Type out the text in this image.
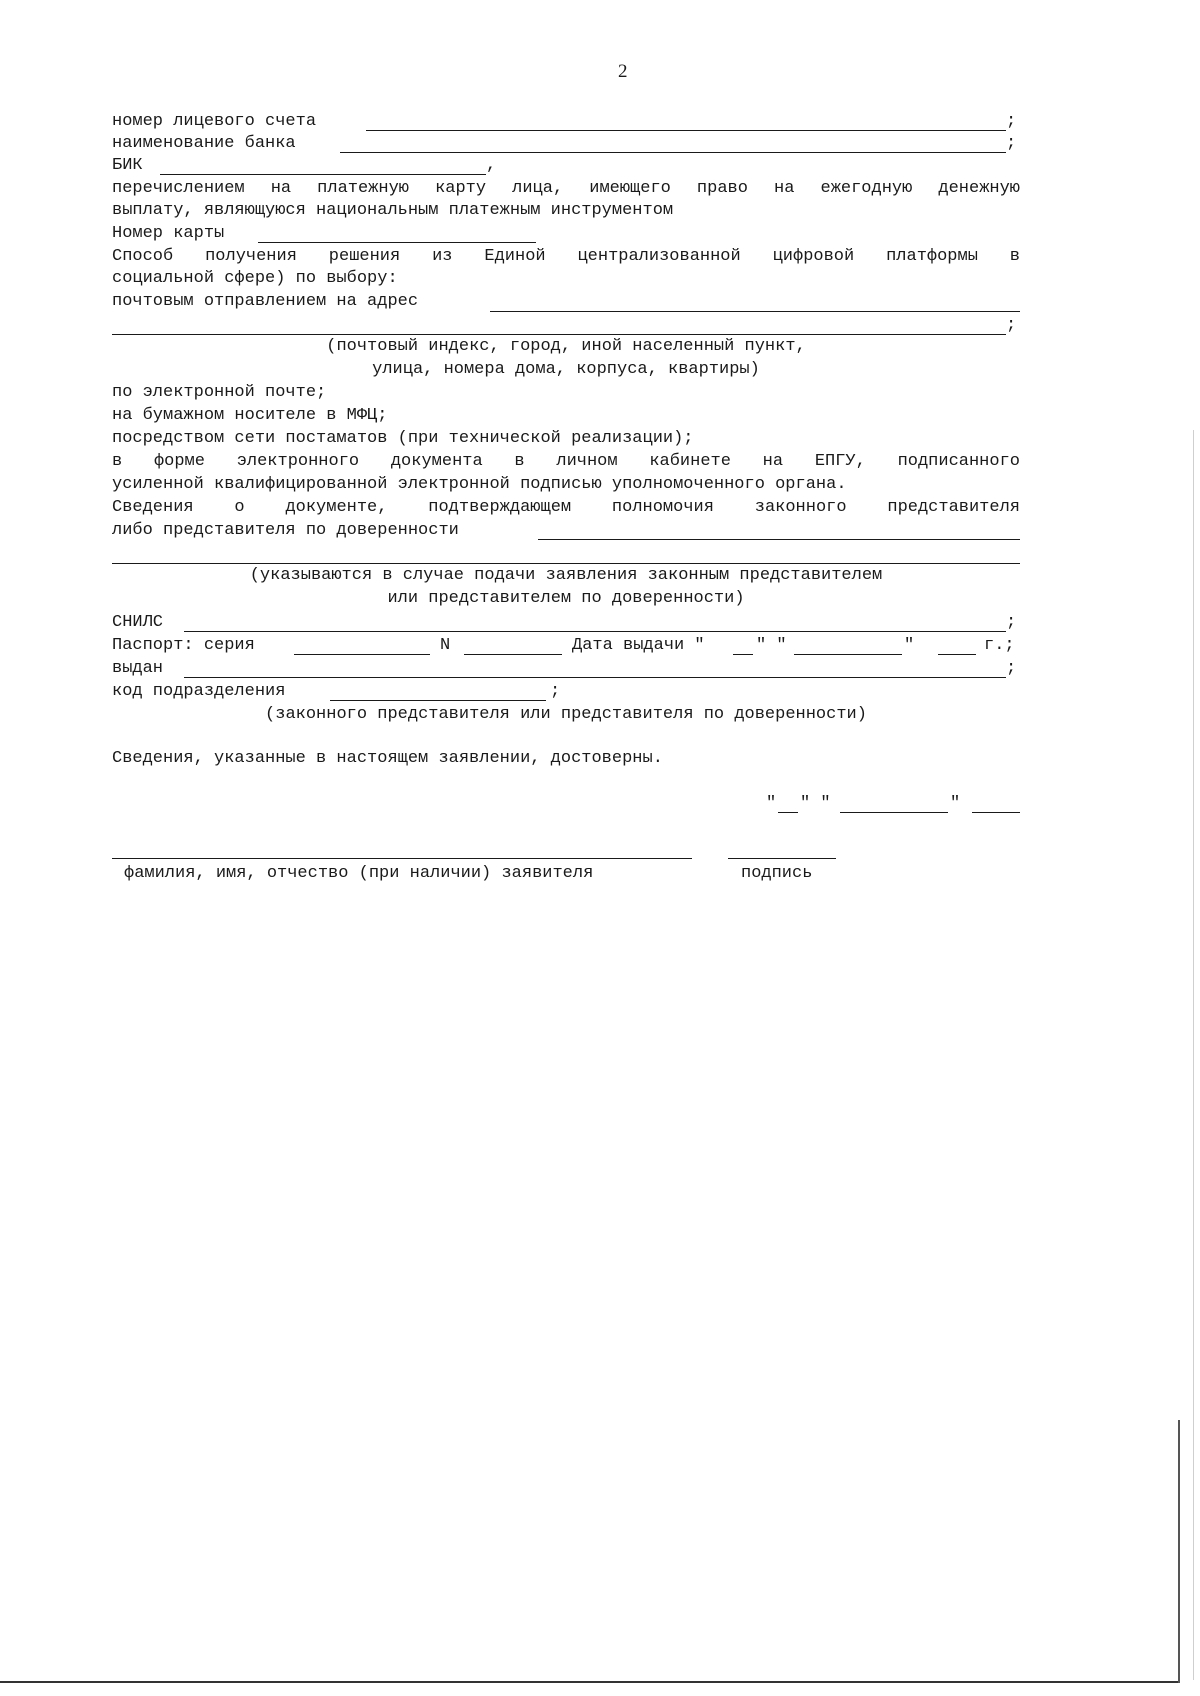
2
номер лицевого счета	;
наименование банка	;
БИК	,
перечислением на платежную карту лица, имеющего право на ежегодную денежную
выплату, являющуюся национальным платежным инструментом
Номер карты
Способ получения решения из Единой централизованной цифровой платформы в
социальной сфере) по выбору:
почтовым отправлением на адрес
;
(почтовый индекс, город, иной населенный пункт,
улица, номера дома, корпуса, квартиры)
по электронной почте;
на бумажном носителе в МФЦ;
посредством сети постаматов (при технической реализации);
в форме электронного документа в личном кабинете на ЕПГУ, подписанного
усиленной квалифицированной электронной подписью уполномоченного органа.
Сведения о документе, подтверждающем полномочия законного представителя
либо представителя по доверенности
(указываются в случае подачи заявления законным представителем
или представителем по доверенности)
СНИЛС	;
Паспорт: серия	N	Дата выдачи "	" "	"	г.;
выдан	;
код подразделения	;
(законного представителя или представителя по доверенности)
Сведения, указанные в настоящем заявлении, достоверны.
" " "	"
фамилия, имя, отчество (при наличии) заявителя	подпись
